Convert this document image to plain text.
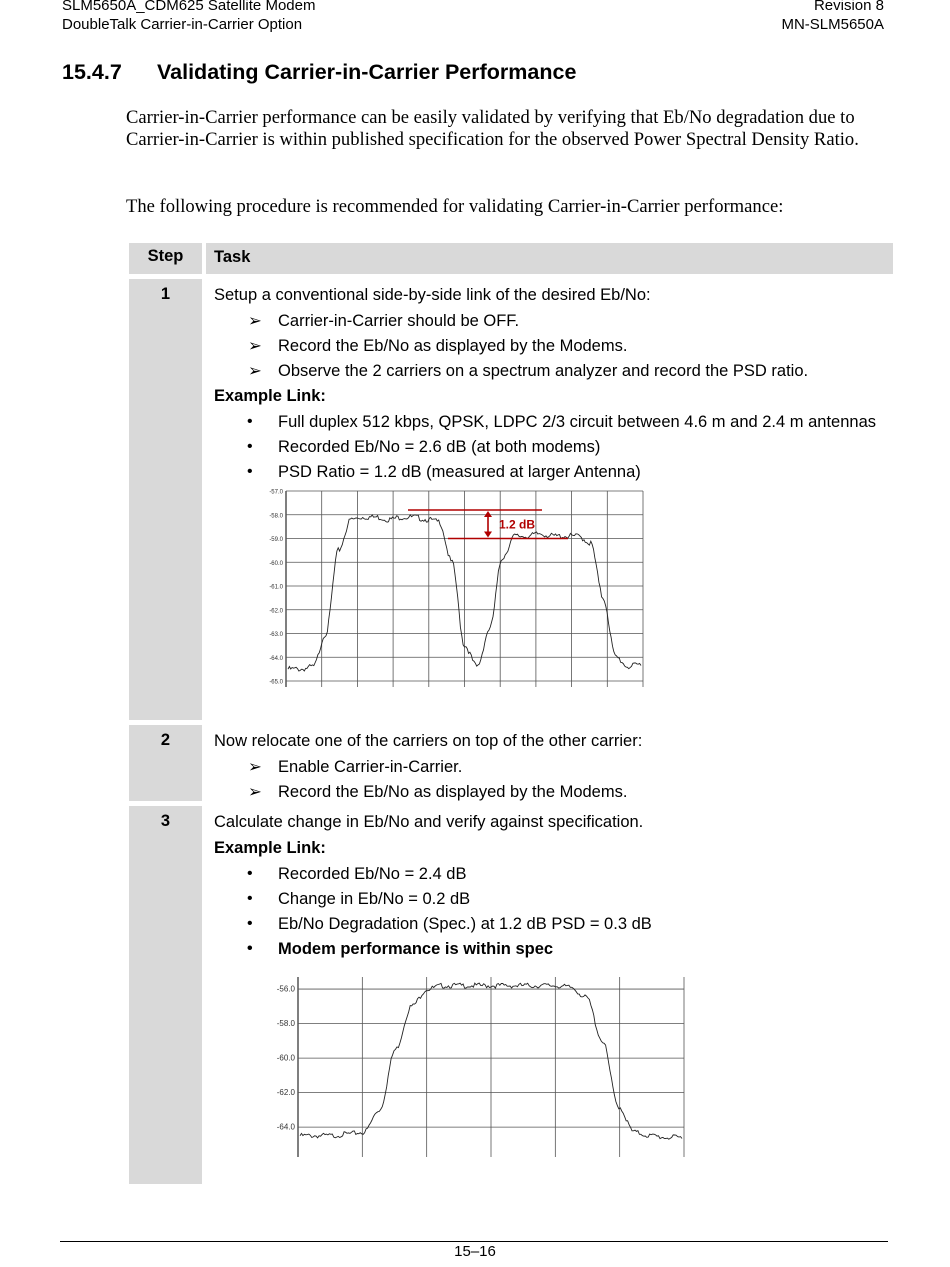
SLM5650A_CDM625 Satellite Modem
DoubleTalk Carrier-in-Carrier Option
Revision 8
MN-SLM5650A
15.4.7 Validating Carrier-in-Carrier Performance

Carrier-in-Carrier performance can be easily validated by verifying that Eb/No degradation due to Carrier-in-Carrier is within published specification for the observed Power Spectral Density Ratio.

The following procedure is recommended for validating Carrier-in-Carrier performance:

Step	Task
1	Setup a conventional side-by-side link of the desired Eb/No:

➢ Carrier-in-Carrier should be OFF.
➢ Record the Eb/No as displayed by the Modems.
➢ Observe the 2 carriers on a spectrum analyzer and record the PSD ratio.

Example Link:

• Full duplex 512 kbps, QPSK, LDPC 2/3 circuit between 4.6 m and 2.4 m antennas
• Recorded Eb/No = 2.6 dB (at both modems)
• PSD Ratio = 1.2 dB (measured at larger Antenna)
-57.0
-58.0
-59.0
-60.0
-61.0
-62.0
-63.0
-64.0
-65.0
1.2 dB
2	Now relocate one of the carriers on top of the other carrier:

➢ Enable Carrier-in-Carrier.
➢ Record the Eb/No as displayed by the Modems.
3	Calculate change in Eb/No and verify against specification.

Example Link:

• Recorded Eb/No = 2.4 dB
• Change in Eb/No = 0.2 dB
• Eb/No Degradation (Spec.) at 1.2 dB PSD = 0.3 dB
• Modem performance is within spec
-56.0
-58.0
-60.0
-62.0
-64.0
15–16
